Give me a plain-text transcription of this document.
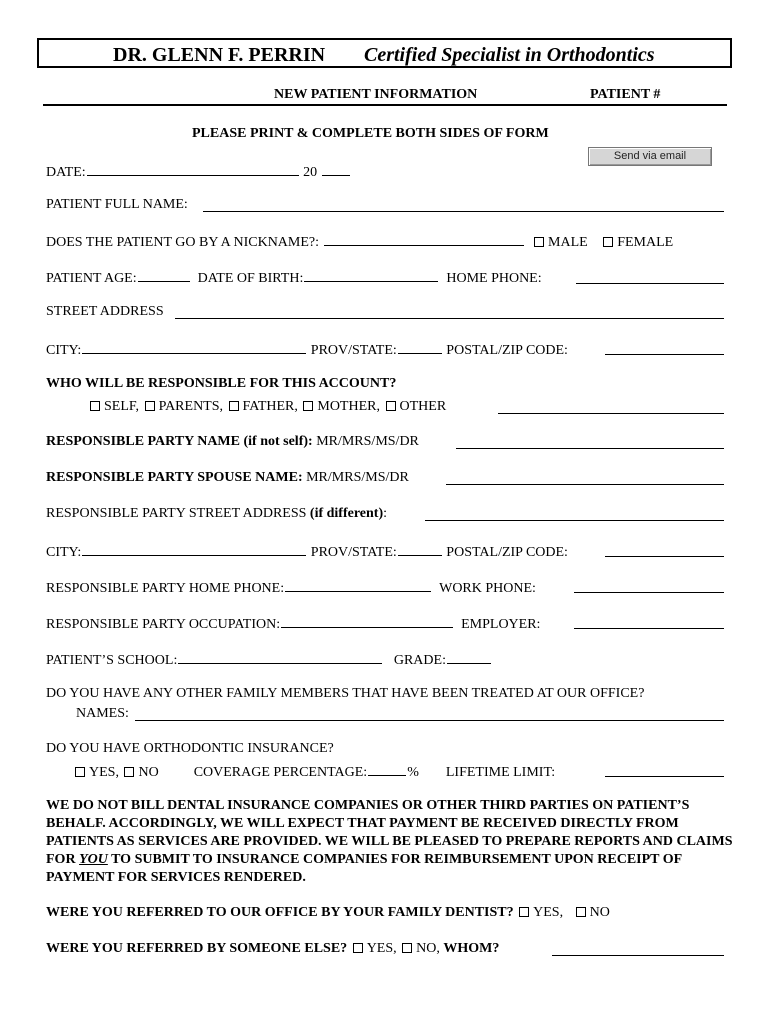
DR. GLENN F. PERRIN Certified Specialist in Orthodontics
NEW PATIENT INFORMATION	PATIENT #
PLEASE PRINT & COMPLETE BOTH SIDES OF FORM
Send via email
DATE:	20
PATIENT FULL NAME:
DOES THE PATIENT GO BY A NICKNAME?:	MALE FEMALE
PATIENT AGE:	DATE OF BIRTH:	HOME PHONE:
STREET ADDRESS
CITY:	PROV/STATE:	POSTAL/ZIP CODE:
WHO WILL BE RESPONSIBLE FOR THIS ACCOUNT?
SELF, PARENTS, FATHER, MOTHER, OTHER
RESPONSIBLE PARTY NAME (if not self): MR/MRS/MS/DR
RESPONSIBLE PARTY SPOUSE NAME: MR/MRS/MS/DR
RESPONSIBLE PARTY STREET ADDRESS (if different):
CITY:	PROV/STATE:	POSTAL/ZIP CODE:
RESPONSIBLE PARTY HOME PHONE:	WORK PHONE:
RESPONSIBLE PARTY OCCUPATION:	EMPLOYER:
PATIENT’S SCHOOL:	GRADE:
DO YOU HAVE ANY OTHER FAMILY MEMBERS THAT HAVE BEEN TREATED AT OUR OFFICE?
NAMES:
DO YOU HAVE ORTHODONTIC INSURANCE?
YES, NO	COVERAGE PERCENTAGE:	% LIFETIME LIMIT:
WE DO NOT BILL DENTAL INSURANCE COMPANIES OR OTHER THIRD PARTIES ON PATIENT’S BEHALF. ACCORDINGLY, WE WILL EXPECT THAT PAYMENT BE RECEIVED DIRECTLY FROM PATIENTS AS SERVICES ARE PROVIDED. WE WILL BE PLEASED TO PREPARE REPORTS AND CLAIMS FOR YOU TO SUBMIT TO INSURANCE COMPANIES FOR REIMBURSEMENT UPON RECEIPT OF PAYMENT FOR SERVICES RENDERED.
WERE YOU REFERRED TO OUR OFFICE BY YOUR FAMILY DENTIST? YES, NO
WERE YOU REFERRED BY SOMEONE ELSE? YES, NO, WHOM?
